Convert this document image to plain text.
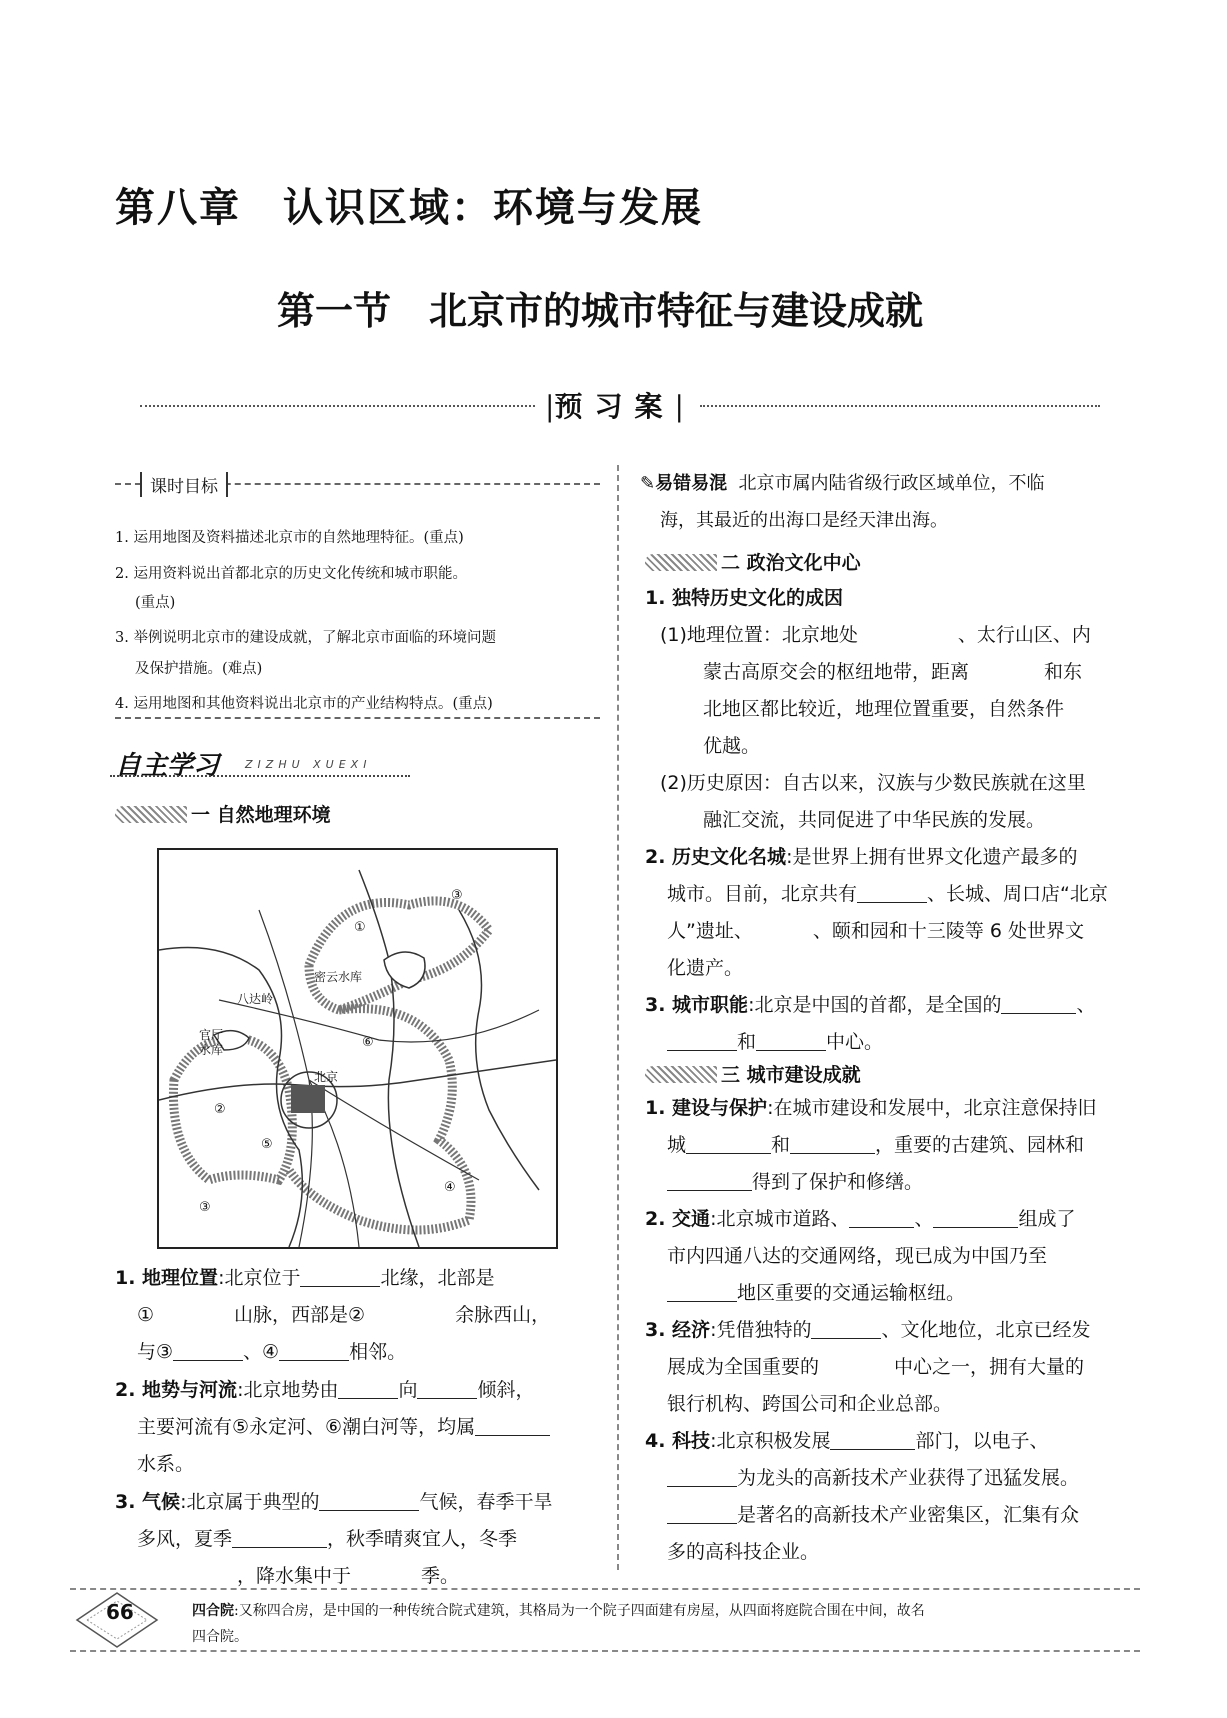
第八章　认识区域：环境与发展
第一节　北京市的城市特征与建设成就
|预习案|
课时目标
1. 运用地图及资料描述北京市的自然地理特征。(重点)
2. 运用资料说出首都北京的历史文化传统和城市职能。
(重点)
3. 举例说明北京市的建设成就，了解北京市面临的环境问题
及保护措施。(难点)
4. 运用地图和其他资料说出北京市的产业结构特点。(重点)
自主学习 ZIZHU XUEXI
一 自然地理环境
①
②
③
③
④
⑤
⑥
密云水库
八达岭
官厅
水库
北京
1. 地理位置:北京位于	北缘，北部是
①	山脉，西部是②	余脉西山，
与③	、④	相邻。
2. 地势与河流:北京地势由	向	倾斜，
主要河流有⑤永定河、⑥潮白河等，均属
水系。
3. 气候:北京属于典型的	气候，春季干旱
多风，夏季	，秋季晴爽宜人，冬季
，降水集中于	季。
✎易错易混 北京市属内陆省级行政区域单位，不临
海，其最近的出海口是经天津出海。
二 政治文化中心
1. 独特历史文化的成因
(1)地理位置：北京地处	、太行山区、内
蒙古高原交会的枢纽地带，距离	和东
北地区都比较近，地理位置重要，自然条件
优越。
(2)历史原因：自古以来，汉族与少数民族就在这里
融汇交流，共同促进了中华民族的发展。
2. 历史文化名城:是世界上拥有世界文化遗产最多的
城市。目前，北京共有	、长城、周口店“北京
人”遗址、	、颐和园和十三陵等 6 处世界文
化遗产。
3. 城市职能:北京是中国的首都，是全国的	、
和	中心。
三 城市建设成就
1. 建设与保护:在城市建设和发展中，北京注意保持旧
城	和	，重要的古建筑、园林和
得到了保护和修缮。
2. 交通:北京城市道路、	、	组成了
市内四通八达的交通网络，现已成为中国乃至
地区重要的交通运输枢纽。
3. 经济:凭借独特的	、文化地位，北京已经发
展成为全国重要的	中心之一，拥有大量的
银行机构、跨国公司和企业总部。
4. 科技:北京积极发展	部门，以电子、
为龙头的高新技术产业获得了迅猛发展。
是著名的高新技术产业密集区，汇集有众
多的高科技企业。
66	四合院:又称四合房，是中国的一种传统合院式建筑，其格局为一个院子四面建有房屋，从四面将庭院合围在中间，故名
四合院。
